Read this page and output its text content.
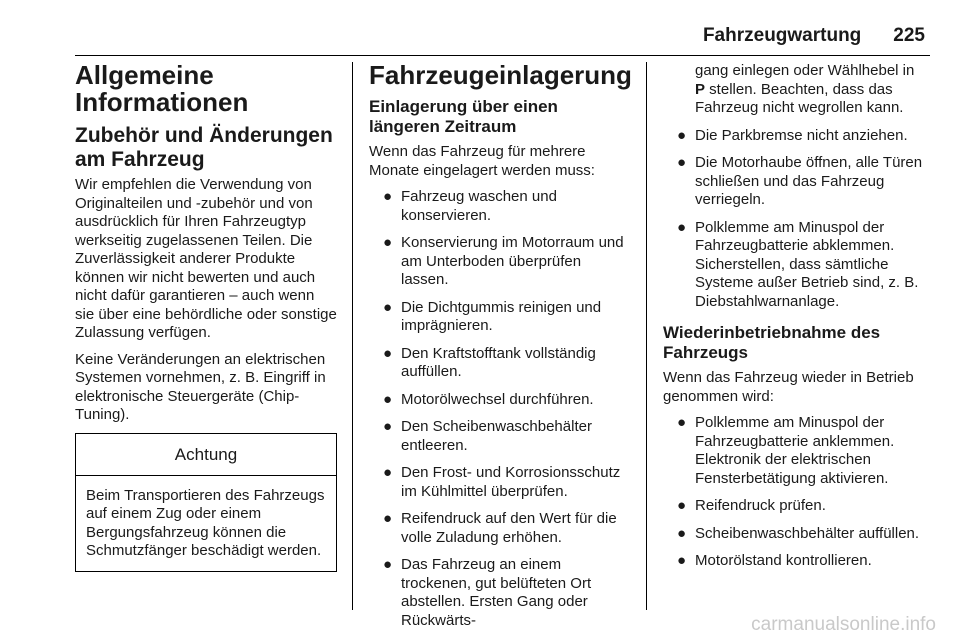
Fahrzeugwartung 225
Allgemeine Informationen
Zubehör und Änderungen am Fahrzeug
Wir empfehlen die Verwendung von Originalteilen und -zubehör und von ausdrücklich für Ihren Fahrzeugtyp werkseitig zugelassenen Teilen. Die Zuverlässigkeit anderer Produkte können wir nicht bewerten und auch nicht dafür garantieren – auch wenn sie über eine behördliche oder sonstige Zulassung verfügen.
Keine Veränderungen an elektrischen Systemen vornehmen, z. B. Eingriff in elektronische Steuergeräte (Chip-Tuning).
Achtung
Beim Transportieren des Fahrzeugs auf einem Zug oder einem Bergungsfahrzeug können die Schmutzfänger beschädigt werden.
Fahrzeugeinlagerung
Einlagerung über einen längeren Zeitraum
Wenn das Fahrzeug für mehrere Monate eingelagert werden muss:
● Fahrzeug waschen und konservieren.
● Konservierung im Motorraum und am Unterboden überprüfen lassen.
● Die Dichtgummis reinigen und imprägnieren.
● Den Kraftstofftank vollständig auffüllen.
● Motorölwechsel durchführen.
● Den Scheibenwaschbehälter entleeren.
● Den Frost- und Korrosionsschutz im Kühlmittel überprüfen.
● Reifendruck auf den Wert für die volle Zuladung erhöhen.
● Das Fahrzeug an einem trockenen, gut belüfteten Ort abstellen. Ersten Gang oder Rückwärts-
gang einlegen oder Wählhebel in
P stellen. Beachten, dass das Fahrzeug nicht wegrollen kann.
● Die Parkbremse nicht anziehen.
● Die Motorhaube öffnen, alle Türen schließen und das Fahrzeug verriegeln.
● Polklemme am Minuspol der Fahrzeugbatterie abklemmen. Sicherstellen, dass sämtliche Systeme außer Betrieb sind, z. B. Diebstahlwarnanlage.
Wiederinbetriebnahme des Fahrzeugs
Wenn das Fahrzeug wieder in Betrieb genommen wird:
● Polklemme am Minuspol der Fahrzeugbatterie anklemmen. Elektronik der elektrischen Fensterbetätigung aktivieren.
● Reifendruck prüfen.
● Scheibenwaschbehälter auffüllen.
● Motorölstand kontrollieren.
carmanualsonline.info
